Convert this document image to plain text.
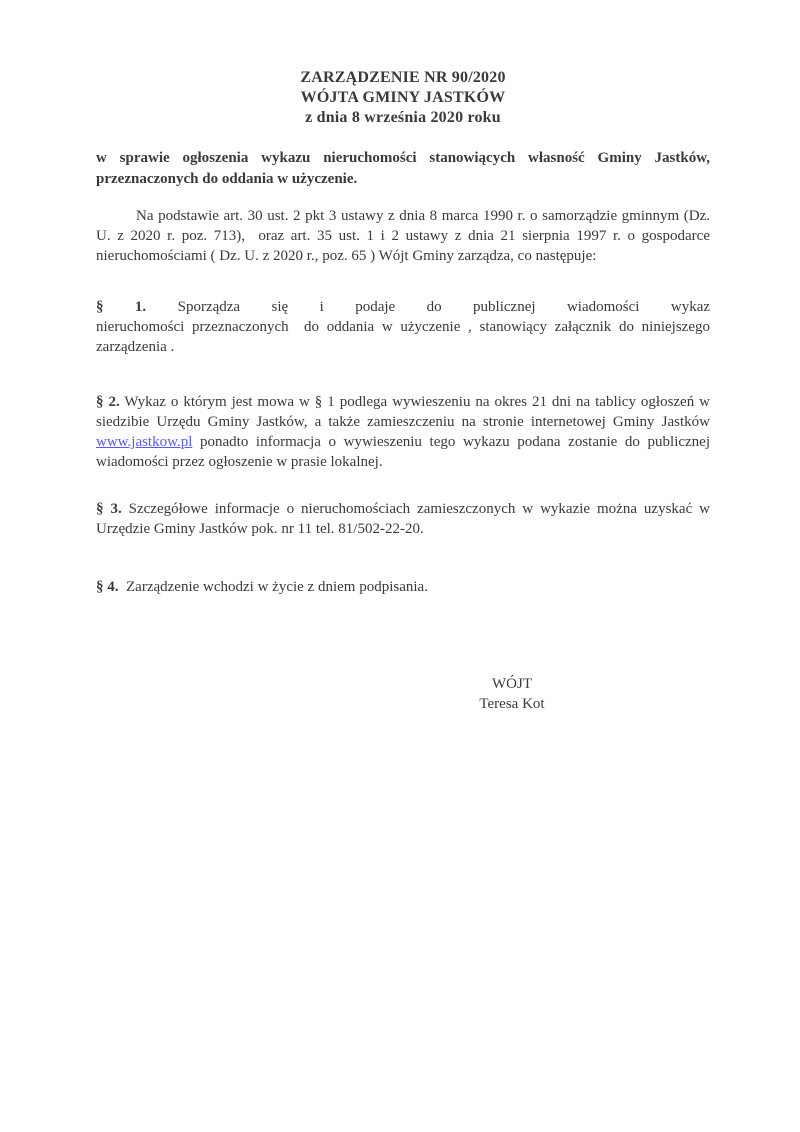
ZARZĄDZENIE NR 90/2020
WÓJTA GMINY JASTKÓW
z dnia 8 września 2020 roku

w sprawie ogłoszenia wykazu nieruchomości stanowiących własność Gminy Jastków, przeznaczonych do oddania w użyczenie.

Na podstawie art. 30 ust. 2 pkt 3 ustawy z dnia 8 marca 1990 r. o samorządzie gminnym (Dz. U. z 2020 r. poz. 713),  oraz art. 35 ust. 1 i 2 ustawy z dnia 21 sierpnia 1997 r. o gospodarce nieruchomościami ( Dz. U. z 2020 r., poz. 65 ) Wójt Gminy zarządza, co następuje:

§ 1. Sporządza się i podaje do publicznej wiadomości wykaz nieruchomości przeznaczonych  do oddania w użyczenie , stanowiący załącznik do niniejszego zarządzenia .

§ 2. Wykaz o którym jest mowa w § 1 podlega wywieszeniu na okres 21 dni na tablicy ogłoszeń w siedzibie Urzędu Gminy Jastków, a także zamieszczeniu na stronie internetowej Gminy Jastków www.jastkow.pl ponadto informacja o wywieszeniu tego wykazu podana zostanie do publicznej wiadomości przez ogłoszenie w prasie lokalnej.

§ 3. Szczegółowe informacje o nieruchomościach zamieszczonych w wykazie można uzyskać w Urzędzie Gminy Jastków pok. nr 11 tel. 81/502-22-20.

§ 4.  Zarządzenie wchodzi w życie z dniem podpisania.

WÓJT
Teresa Kot
